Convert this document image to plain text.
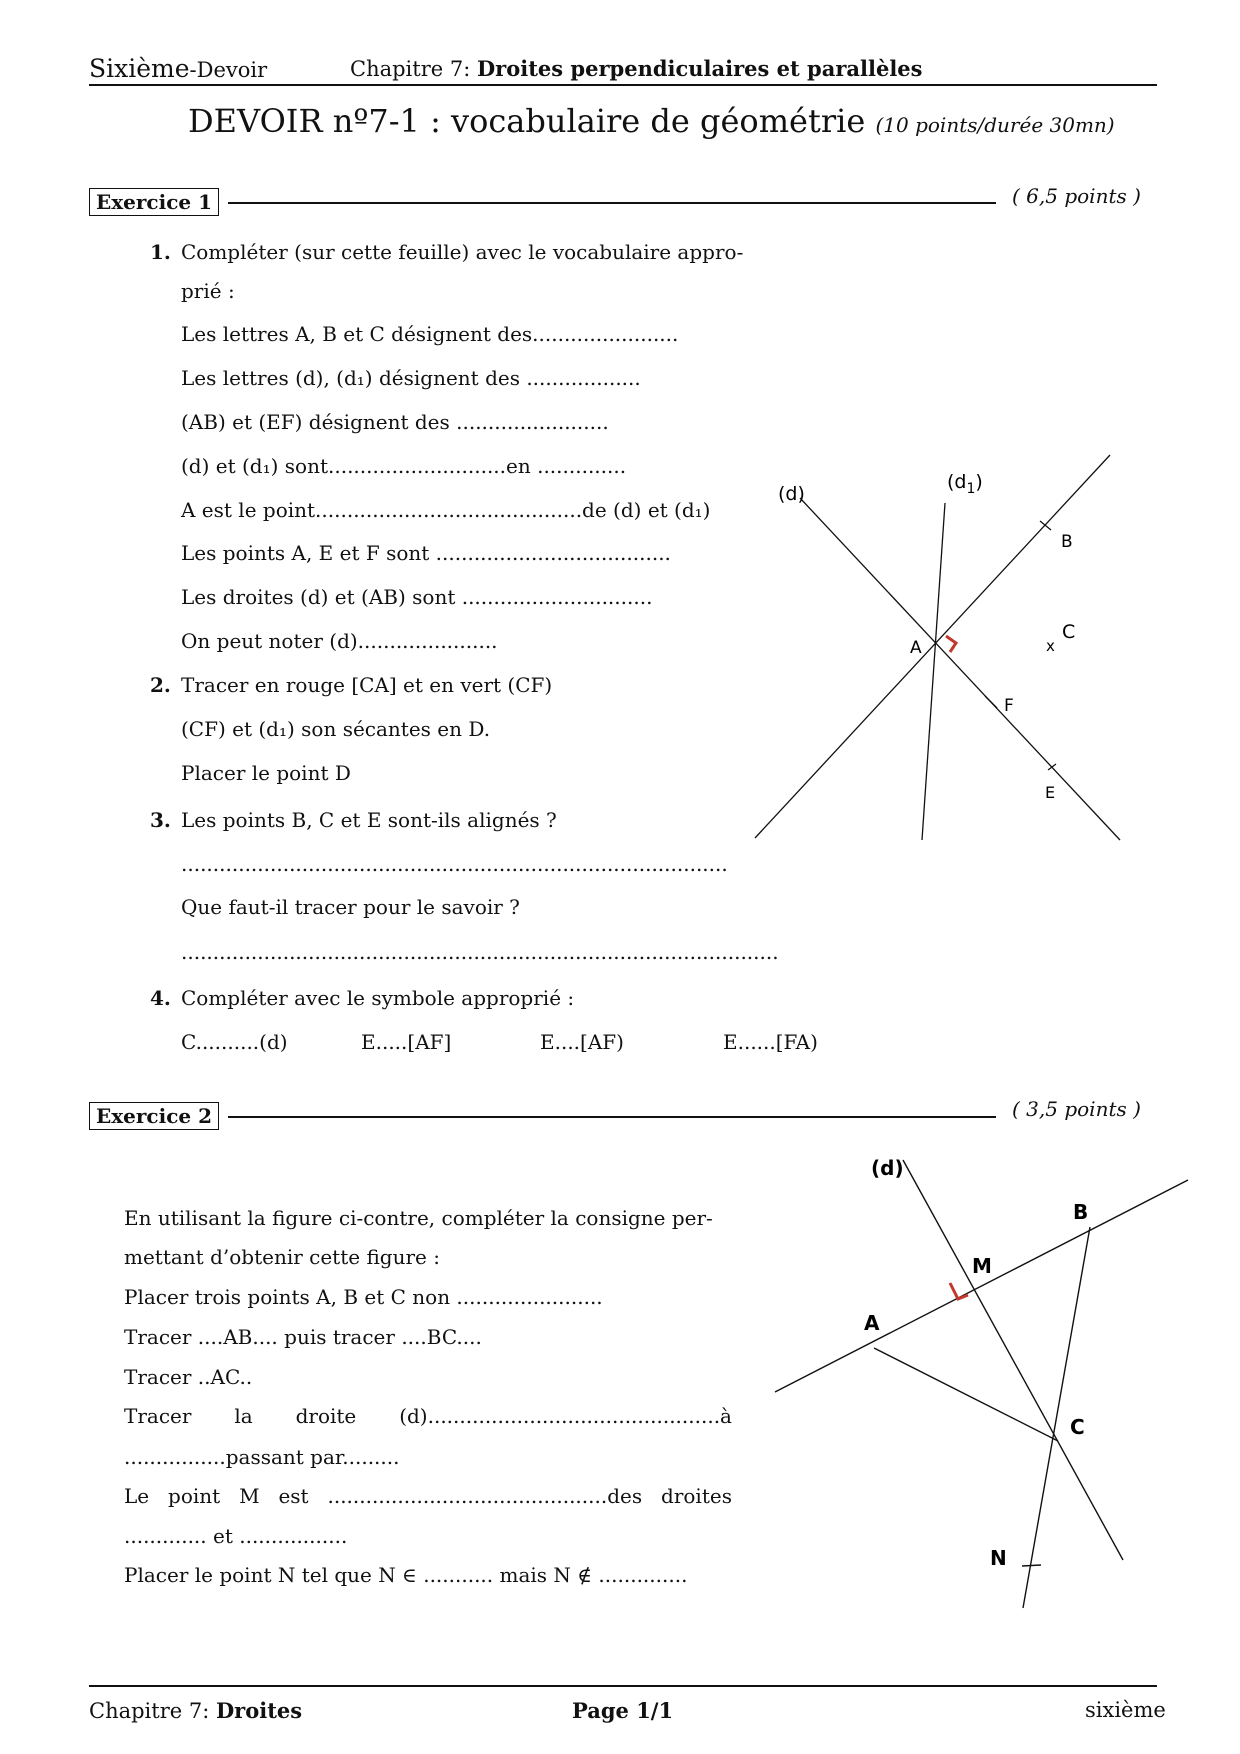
Sixième-Devoir	Chapitre 7: Droites perpendiculaires et parallèles
DEVOIR nº7-1 : vocabulaire de géométrie (10 points/durée 30mn)
Exercice 1	( 6,5 points )
1. Compléter (sur cette feuille) avec le vocabulaire appro-
prié :
Les lettres A, B et C désignent des.......................
Les lettres (d), (d₁) désignent des ..................
(AB) et (EF) désignent des ........................
(d) et (d₁) sont............................en ..............
A est le point..........................................de (d) et (d₁)
Les points A, E et F sont .....................................
Les droites (d) et (AB) sont ..............................
On peut noter (d)......................
2. Tracer en rouge [CA] et en vert (CF)
(CF) et (d₁) son sécantes en D.
Placer le point D
3. Les points B, C et E sont-ils alignés ?
......................................................................................
Que faut-il tracer pour le savoir ?
..............................................................................................
4. Compléter avec le symbole approprié :
C..........(d)	E.....[AF]	E....[AF)	E......[FA)
(d)
$(d_1)$
B
x
C
A
F
E
Exercice 2	( 3,5 points )
En utilisant la figure ci-contre, compléter la consigne per-
mettant d’obtenir cette figure :
Placer trois points A, B et C non .......................
Tracer ....AB.... puis tracer ....BC....
Tracer ..AC..
Tracer la droite (d)..............................................à
................passant par.........
Le point M est ............................................des droites
............. et .................
Placer le point N tel que N ∈ ........... mais N ∉ ..............
(d)
B
M
A
C
N
Chapitre 7: Droites	Page 1/1	sixième
